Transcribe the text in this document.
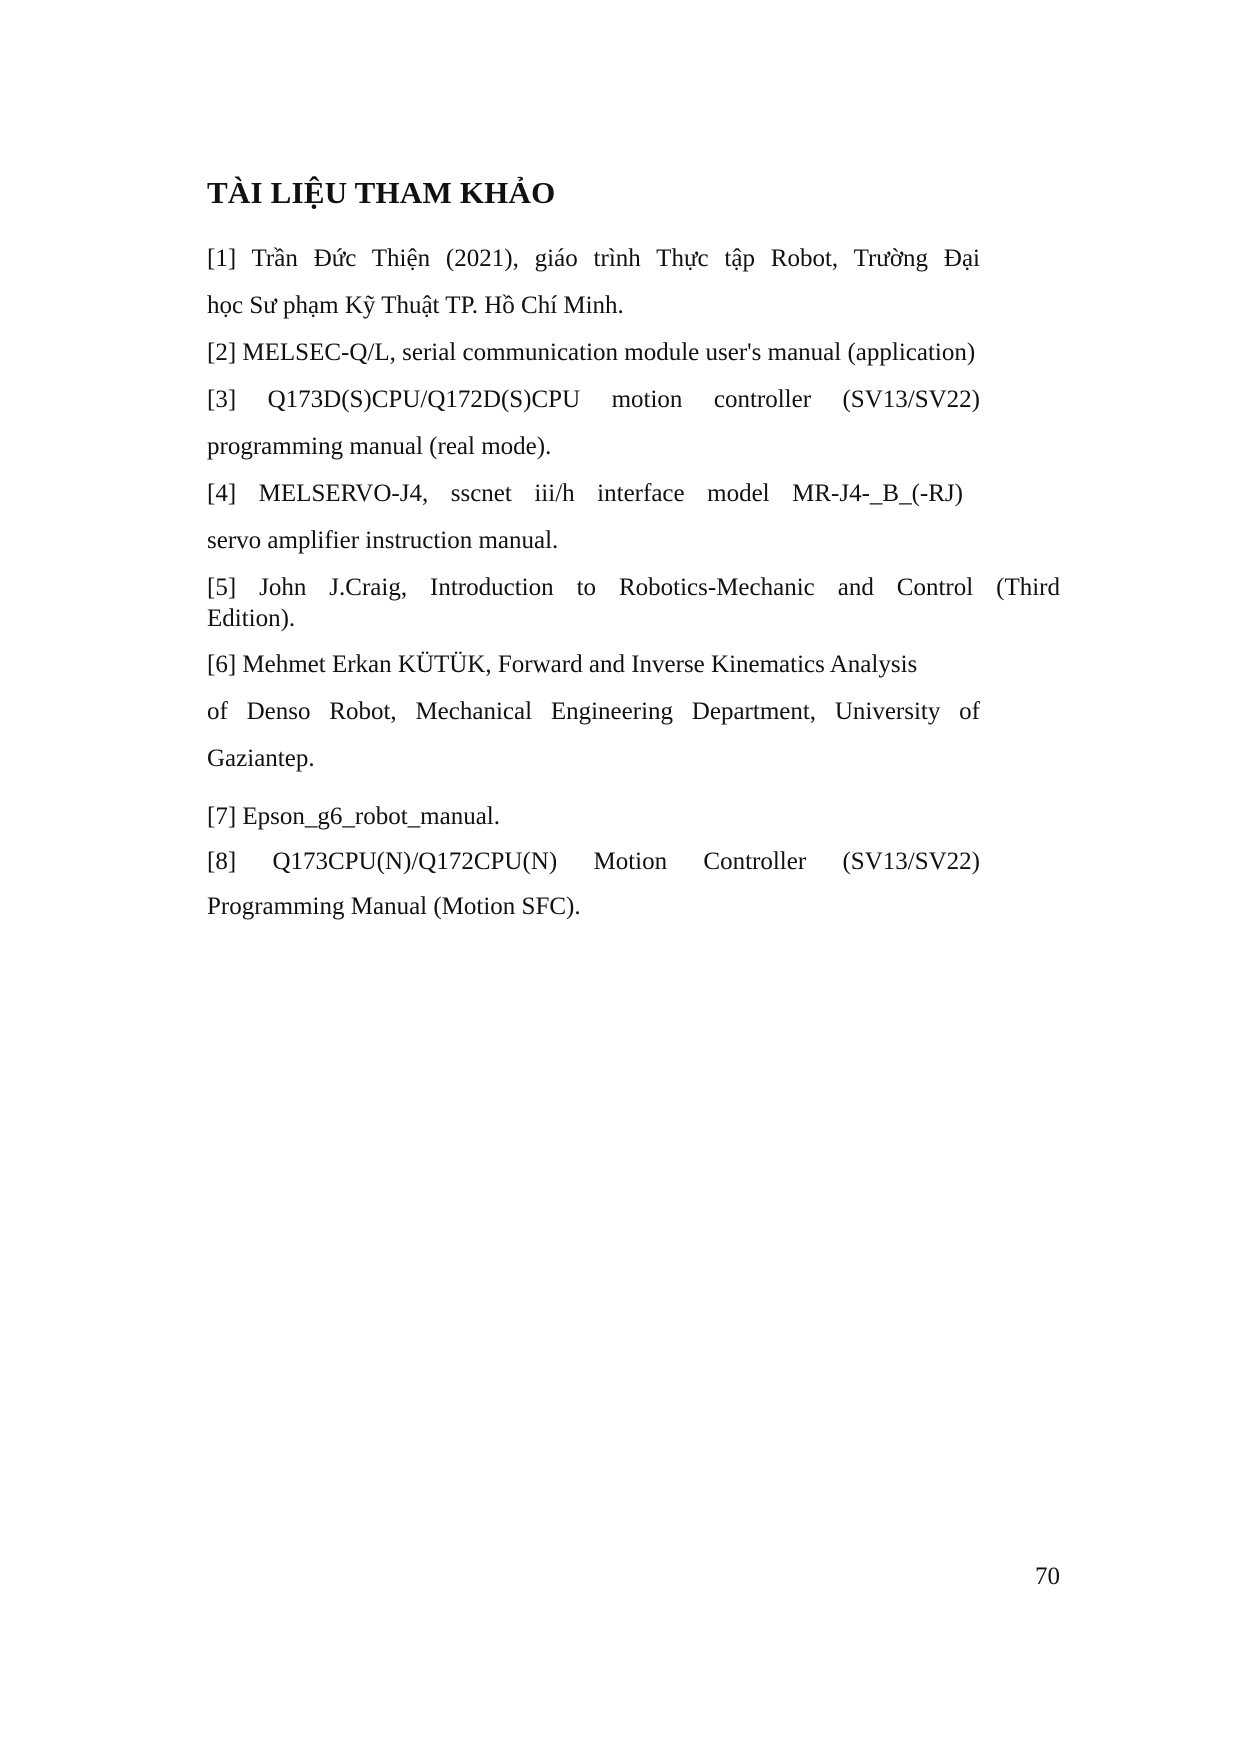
TÀI LIỆU THAM KHẢO

[1] Trần Đức Thiện (2021), giáo trình Thực tập Robot, Trường Đại

học Sư phạm Kỹ Thuật TP. Hồ Chí Minh.

[2] MELSEC-Q/L, serial communication module user's manual (application)

[3] Q173D(S)CPU/Q172D(S)CPU motion controller (SV13/SV22)

programming manual (real mode).

[4] MELSERVO-J4, sscnet iii/h interface model MR-J4-_B_(-RJ)

servo amplifier instruction manual.

[5] John J.Craig, Introduction to Robotics-Mechanic and Control (Third

Edition).

[6] Mehmet Erkan KÜTÜK, Forward and Inverse Kinematics Analysis

of Denso Robot, Mechanical Engineering Department, University of

Gaziantep.

[7] Epson_g6_robot_manual.

[8] Q173CPU(N)/Q172CPU(N) Motion Controller (SV13/SV22)

Programming Manual (Motion SFC).

70
